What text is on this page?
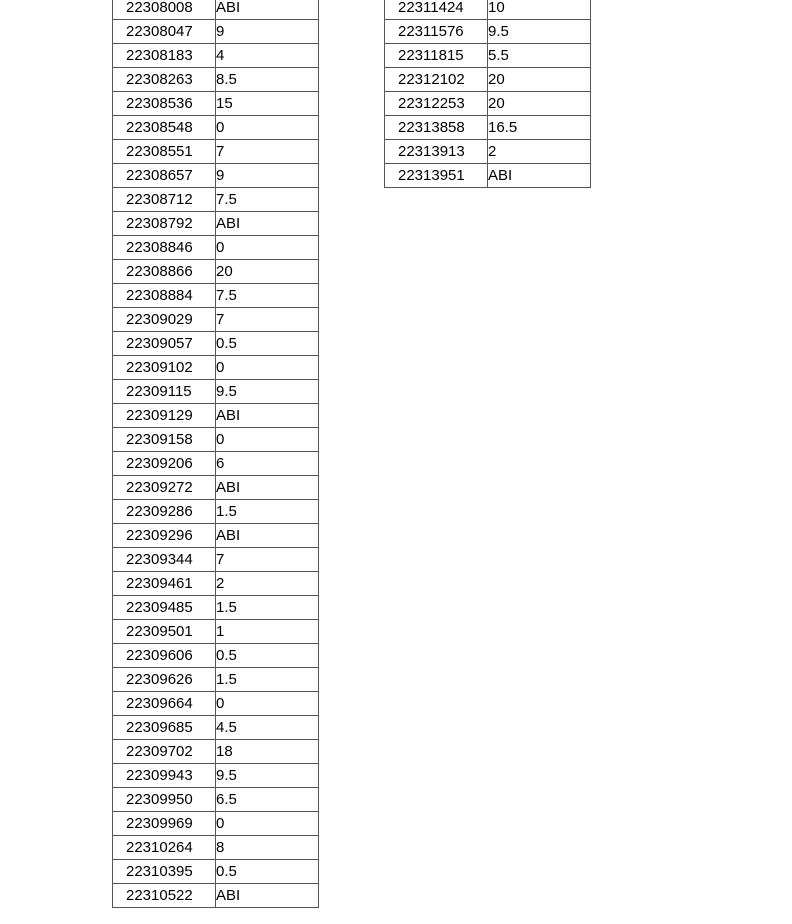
22308008	ABI
22308047	9
22308183	4
22308263	8.5
22308536	15
22308548	0
22308551	7
22308657	9
22308712	7.5
22308792	ABI
22308846	0
22308866	20
22308884	7.5
22309029	7
22309057	0.5
22309102	0
22309115	9.5
22309129	ABI
22309158	0
22309206	6
22309272	ABI
22309286	1.5
22309296	ABI
22309344	7
22309461	2
22309485	1.5
22309501	1
22309606	0.5
22309626	1.5
22309664	0
22309685	4.5
22309702	18
22309943	9.5
22309950	6.5
22309969	0
22310264	8
22310395	0.5
22310522	ABI
22311424	10
22311576	9.5
22311815	5.5
22312102	20
22312253	20
22313858	16.5
22313913	2
22313951	ABI
